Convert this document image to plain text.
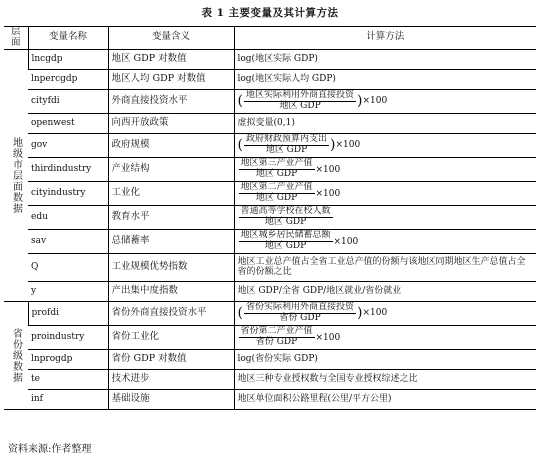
表 1 主要变量及其计算方法
层面	变量名称	变量含义	计算方法
地级市层面数据	lncgdp	地区 GDP 对数值	log(地区实际 GDP)
	lnpercgdp	地区人均 GDP 对数值	log(地区实际人均 GDP)
	cityfdi	外商直接投资水平	( $\frac{\text{地区实际利用外商直接投资}}{\text{地区 GDP}}$ ) ×100

	openwest	向西开放政策	虚拟变量(0,1)
	gov	政府规模	( $\frac{\text{政府财政预算内支出}}{\text{地区 GDP}}$ ) ×100

	thirdindustry	产业结构	$\frac{\text{地区第三产业产值}}{\text{地区 GDP}} \times 100$

	cityindustry	工业化	$\frac{\text{地区第二产业产值}}{\text{地区 GDP}} \times 100$

	edu	教育水平	$\frac{\text{普通高等学校在校人数}}{\text{地区 GDP}}$

	sav	总储蓄率	$\frac{\text{地区城乡居民储蓄总额}}{\text{地区 GDP}} \times 100$

	Q	工业规模优势指数	地区工业总产值占全省工业总产值的份额与该地区同期地区生产总值占全省的份额之比
	y	产出集中度指数	地区 GDP/全省 GDP/地区就业/省份就业
省份级数据	profdi	省份外商直接投资水平	( $\frac{\text{省份实际利用外商直接投资}}{\text{省份 GDP}}$ ) ×100

	proindustry	省份工业化	$\frac{\text{省份第二产业产值}}{\text{省份 GDP}} \times 100$

	lnprogdp	省份 GDP 对数值	log(省份实际 GDP)
	te	技术进步	地区三种专业授权数与全国专业授权综述之比
	inf	基础设施	地区单位面积公路里程(公里/平方公里)
资料来源:作者整理
